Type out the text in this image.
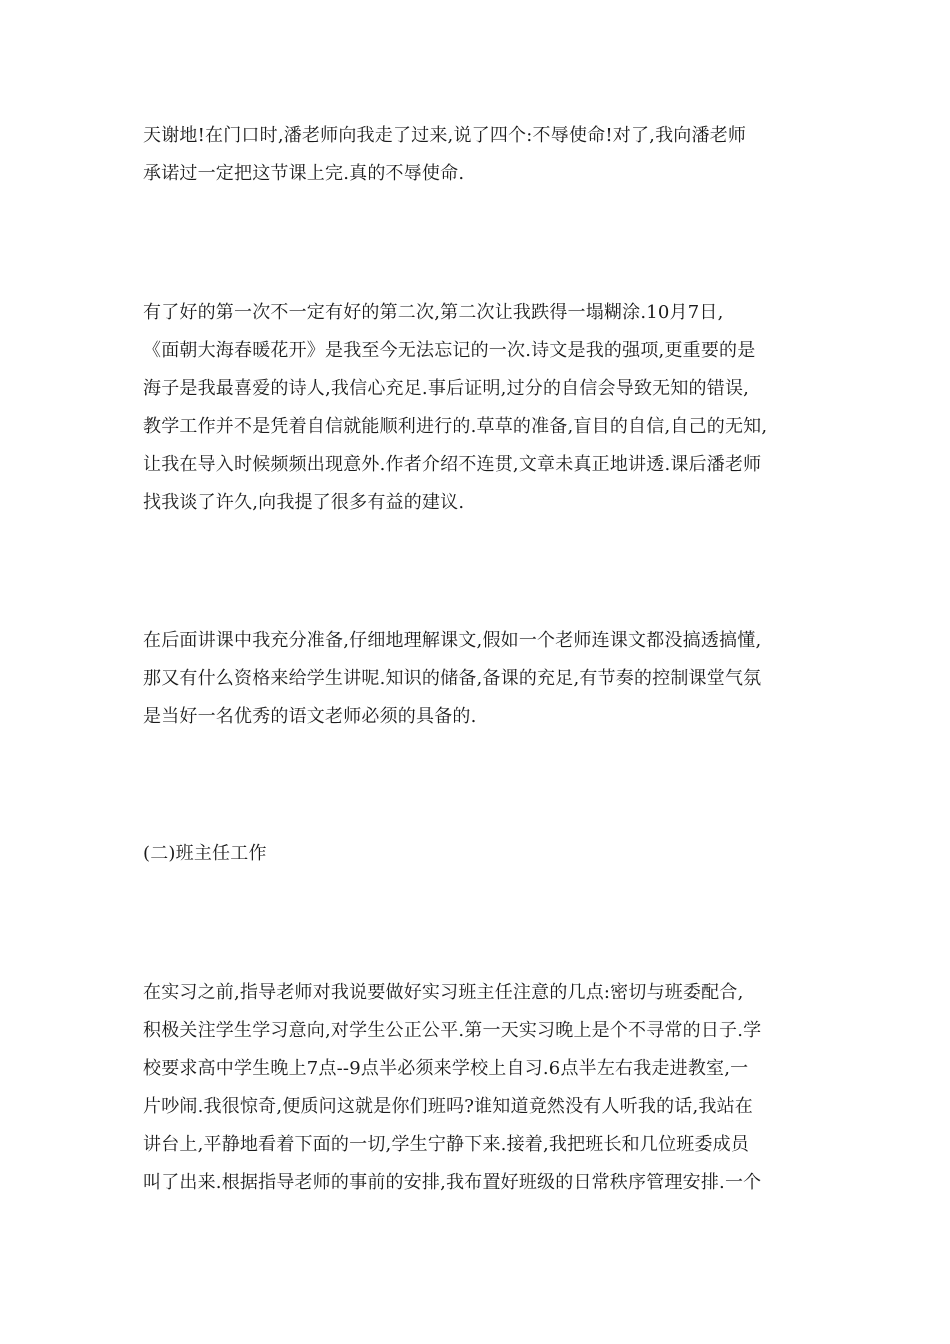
天谢地!在门口时,潘老师向我走了过来,说了四个:不辱使命!对了,我向潘老师
承诺过一定把这节课上完.真的不辱使命.
有了好的第一次不一定有好的第二次,第二次让我跌得一塌糊涂.10月7日,
《面朝大海春暖花开》是我至今无法忘记的一次.诗文是我的强项,更重要的是
海子是我最喜爱的诗人,我信心充足.事后证明,过分的自信会导致无知的错误,
教学工作并不是凭着自信就能顺利进行的.草草的准备,盲目的自信,自己的无知,
让我在导入时候频频出现意外.作者介绍不连贯,文章未真正地讲透.课后潘老师
找我谈了许久,向我提了很多有益的建议.
在后面讲课中我充分准备,仔细地理解课文,假如一个老师连课文都没搞透搞懂,
那又有什么资格来给学生讲呢.知识的储备,备课的充足,有节奏的控制课堂气氛
是当好一名优秀的语文老师必须的具备的.
(二)班主任工作
在实习之前,指导老师对我说要做好实习班主任注意的几点:密切与班委配合,
积极关注学生学习意向,对学生公正公平.第一天实习晚上是个不寻常的日子.学
校要求高中学生晚上7点--9点半必须来学校上自习.6点半左右我走进教室,一
片吵闹.我很惊奇,便质问这就是你们班吗?谁知道竟然没有人听我的话,我站在
讲台上,平静地看着下面的一切,学生宁静下来.接着,我把班长和几位班委成员
叫了出来.根据指导老师的事前的安排,我布置好班级的日常秩序管理安排.一个
